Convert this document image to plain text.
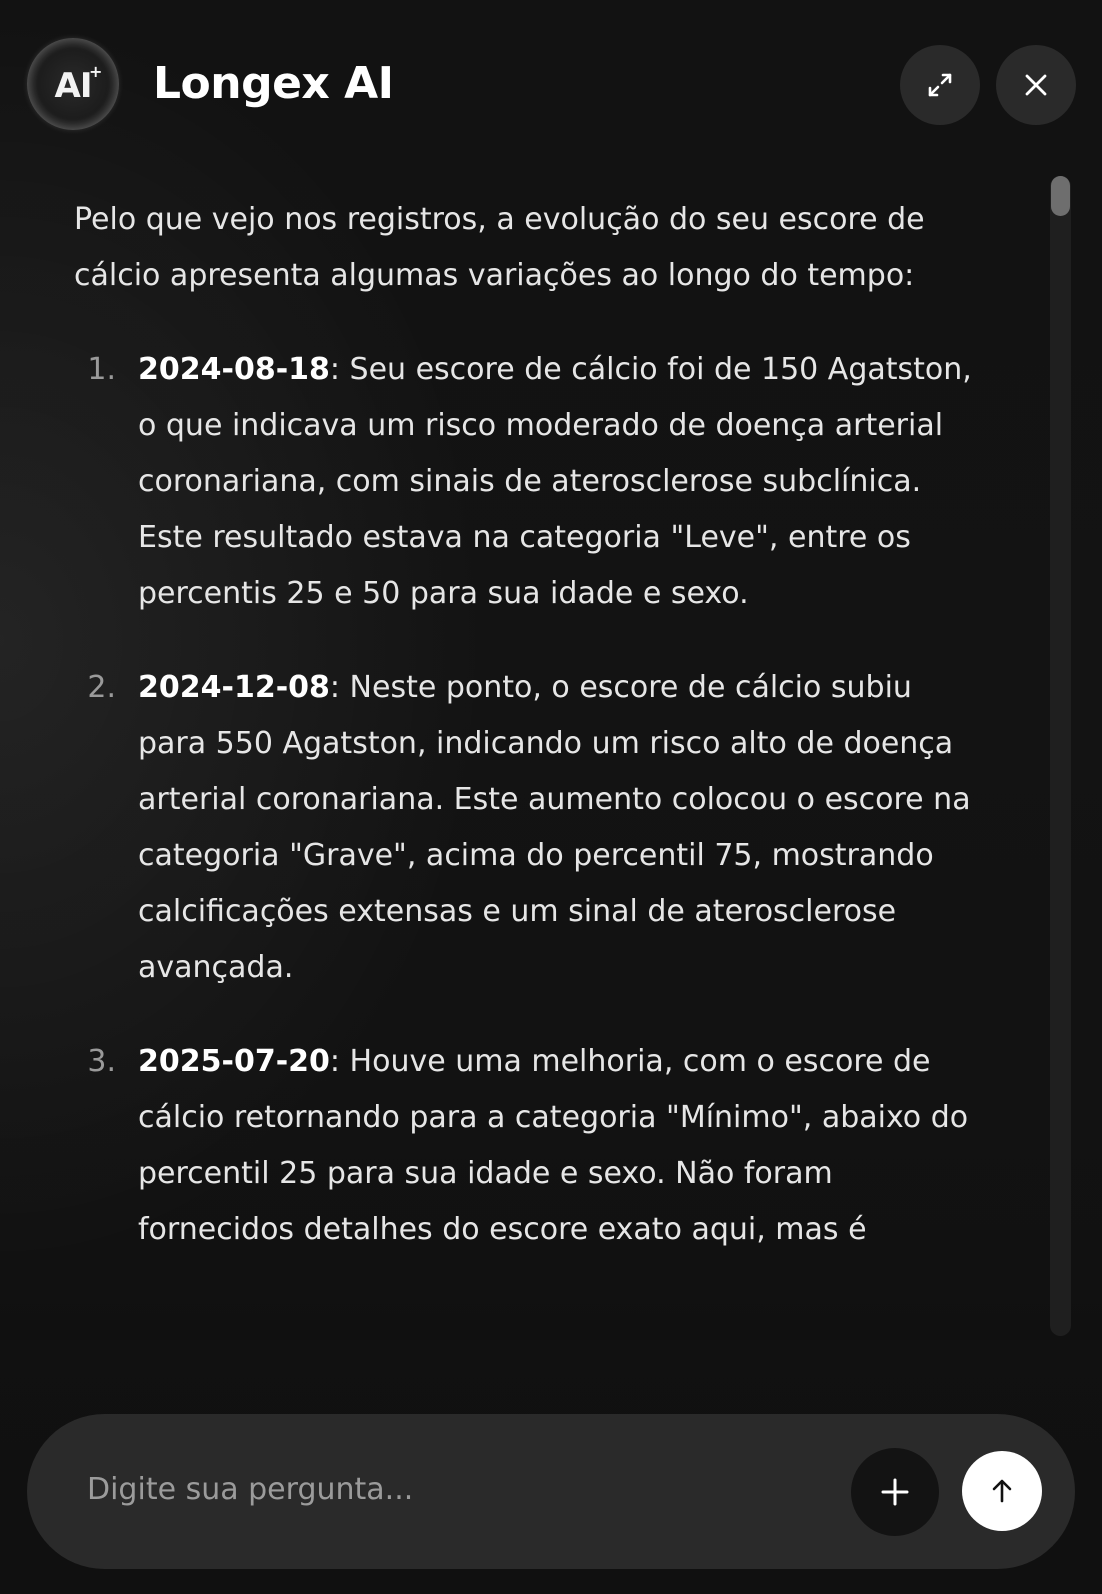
AI
+ Longex AI

Pelo que vejo nos registros, a evolução do seu escore de cálcio apresenta algumas variações ao longo do tempo:

1. 2024-08-18: Seu escore de cálcio foi de 150 Agatston, o que indicava um risco moderado de doença arterial coronariana, com sinais de aterosclerose subclínica. Este resultado estava na categoria "Leve", entre os percentis 25 e 50 para sua idade e sexo.
2. 2024-12-08: Neste ponto, o escore de cálcio subiu para 550 Agatston, indicando um risco alto de doença arterial coronariana. Este aumento colocou o escore na categoria "Grave", acima do percentil 75, mostrando calcificações extensas e um sinal de aterosclerose avançada.
3. 2025-07-20: Houve uma melhoria, com o escore de cálcio retornando para a categoria "Mínimo", abaixo do percentil 25 para sua idade e sexo. Não foram fornecidos detalhes do escore exato aqui, mas é
Digite sua pergunta...
